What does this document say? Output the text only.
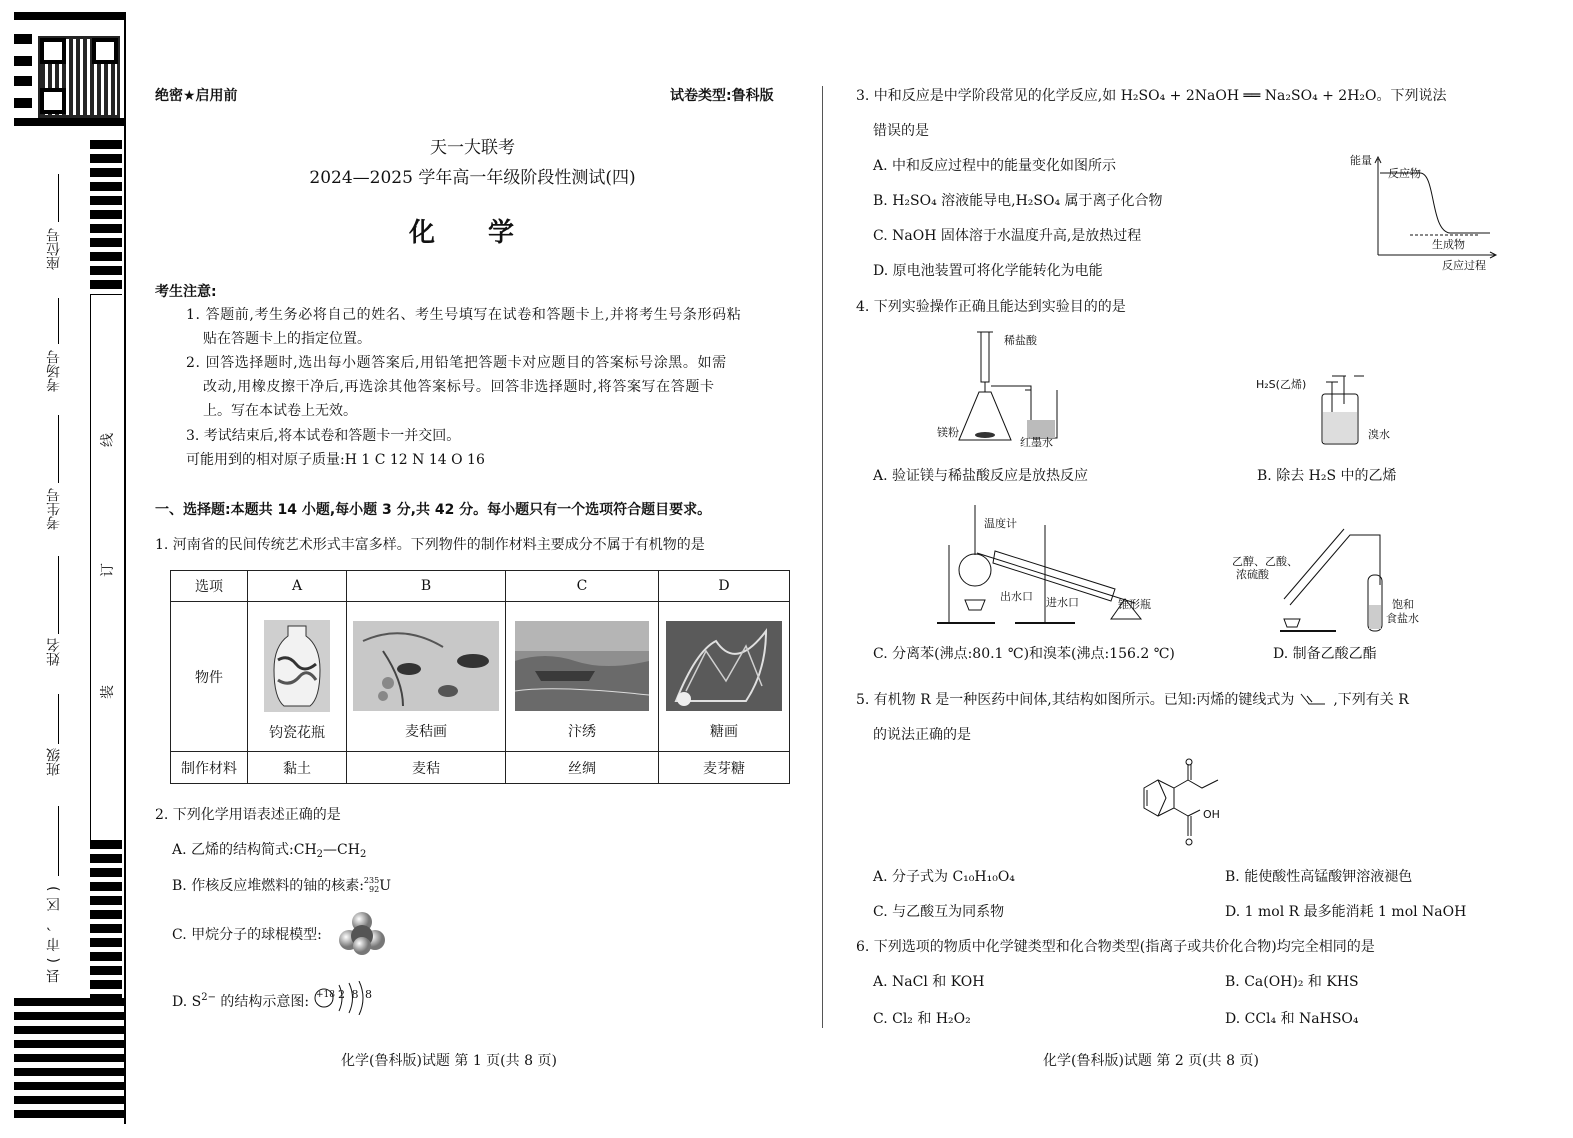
座位号
考场号
考生号
姓名
班级
县(市、区)
线
订
装
绝密★启用前	试卷类型:鲁科版
天一大联考
2024—2025 学年高一年级阶段性测试(四)
化 学
考生注意:
1. 答题前,考生务必将自己的姓名、考生号填写在试卷和答题卡上,并将考生号条形码粘
贴在答题卡上的指定位置。
2. 回答选择题时,选出每小题答案后,用铅笔把答题卡对应题目的答案标号涂黑。如需
改动,用橡皮擦干净后,再选涂其他答案标号。回答非选择题时,将答案写在答题卡
上。写在本试卷上无效。
3. 考试结束后,将本试卷和答题卡一并交回。
可能用到的相对原子质量:H 1 C 12 N 14 O 16
一、选择题:本题共 14 小题,每小题 3 分,共 42 分。每小题只有一个选项符合题目要求。
1. 河南省的民间传统艺术形式丰富多样。下列物件的制作材料主要成分不属于有机物的是
选项	A	B	C	D
物件	钧瓷花瓶	麦秸画	汴绣	糖画
制作材料	黏土	麦秸	丝绸	麦芽糖
2. 下列化学用语表述正确的是
A. 乙烯的结构简式$:CH_2—CH_2$
B. 作核反应堆燃料的铀的核素:235
92U
C. 甲烷分子的球棍模型:
D. $S^{2-}$ 的结构示意图: +18 2 8 8
化学(鲁科版)试题 第 1 页(共 8 页)
3. 中和反应是中学阶段常见的化学反应,如 H₂SO₄ + 2NaOH ══ Na₂SO₄ + 2H₂O。下列说法
错误的是
A. 中和反应过程中的能量变化如图所示
B. H₂SO₄ 溶液能导电,H₂SO₄ 属于离子化合物
C. NaOH 固体溶于水温度升高,是放热过程
D. 原电池装置可将化学能转化为电能
能量
反应物
生成物
反应过程
4. 下列实验操作正确且能达到实验目的的是
稀盐酸
镁粉
红墨水
H₂S(乙烯)
溴水
A. 验证镁与稀盐酸反应是放热反应	B. 除去 H₂S 中的乙烯
温度计
出水口 进水口	锥形瓶
乙醇、乙酸、
浓硫酸
饱和
食盐水
C. 分离苯(沸点:80.1 ℃)和溴苯(沸点:156.2 ℃)	D. 制备乙酸乙酯
5. 有机物 R 是一种医药中间体,其结构如图所示。已知:丙烯的键线式为	,下列有关 R
的说法正确的是
OH
A. 分子式为 C₁₀H₁₀O₄	B. 能使酸性高锰酸钾溶液褪色
C. 与乙酸互为同系物	D. 1 mol R 最多能消耗 1 mol NaOH
6. 下列选项的物质中化学键类型和化合物类型(指离子或共价化合物)均完全相同的是
A. NaCl 和 KOH	B. Ca(OH)₂ 和 KHS
C. Cl₂ 和 H₂O₂	D. CCl₄ 和 NaHSO₄
化学(鲁科版)试题 第 2 页(共 8 页)
